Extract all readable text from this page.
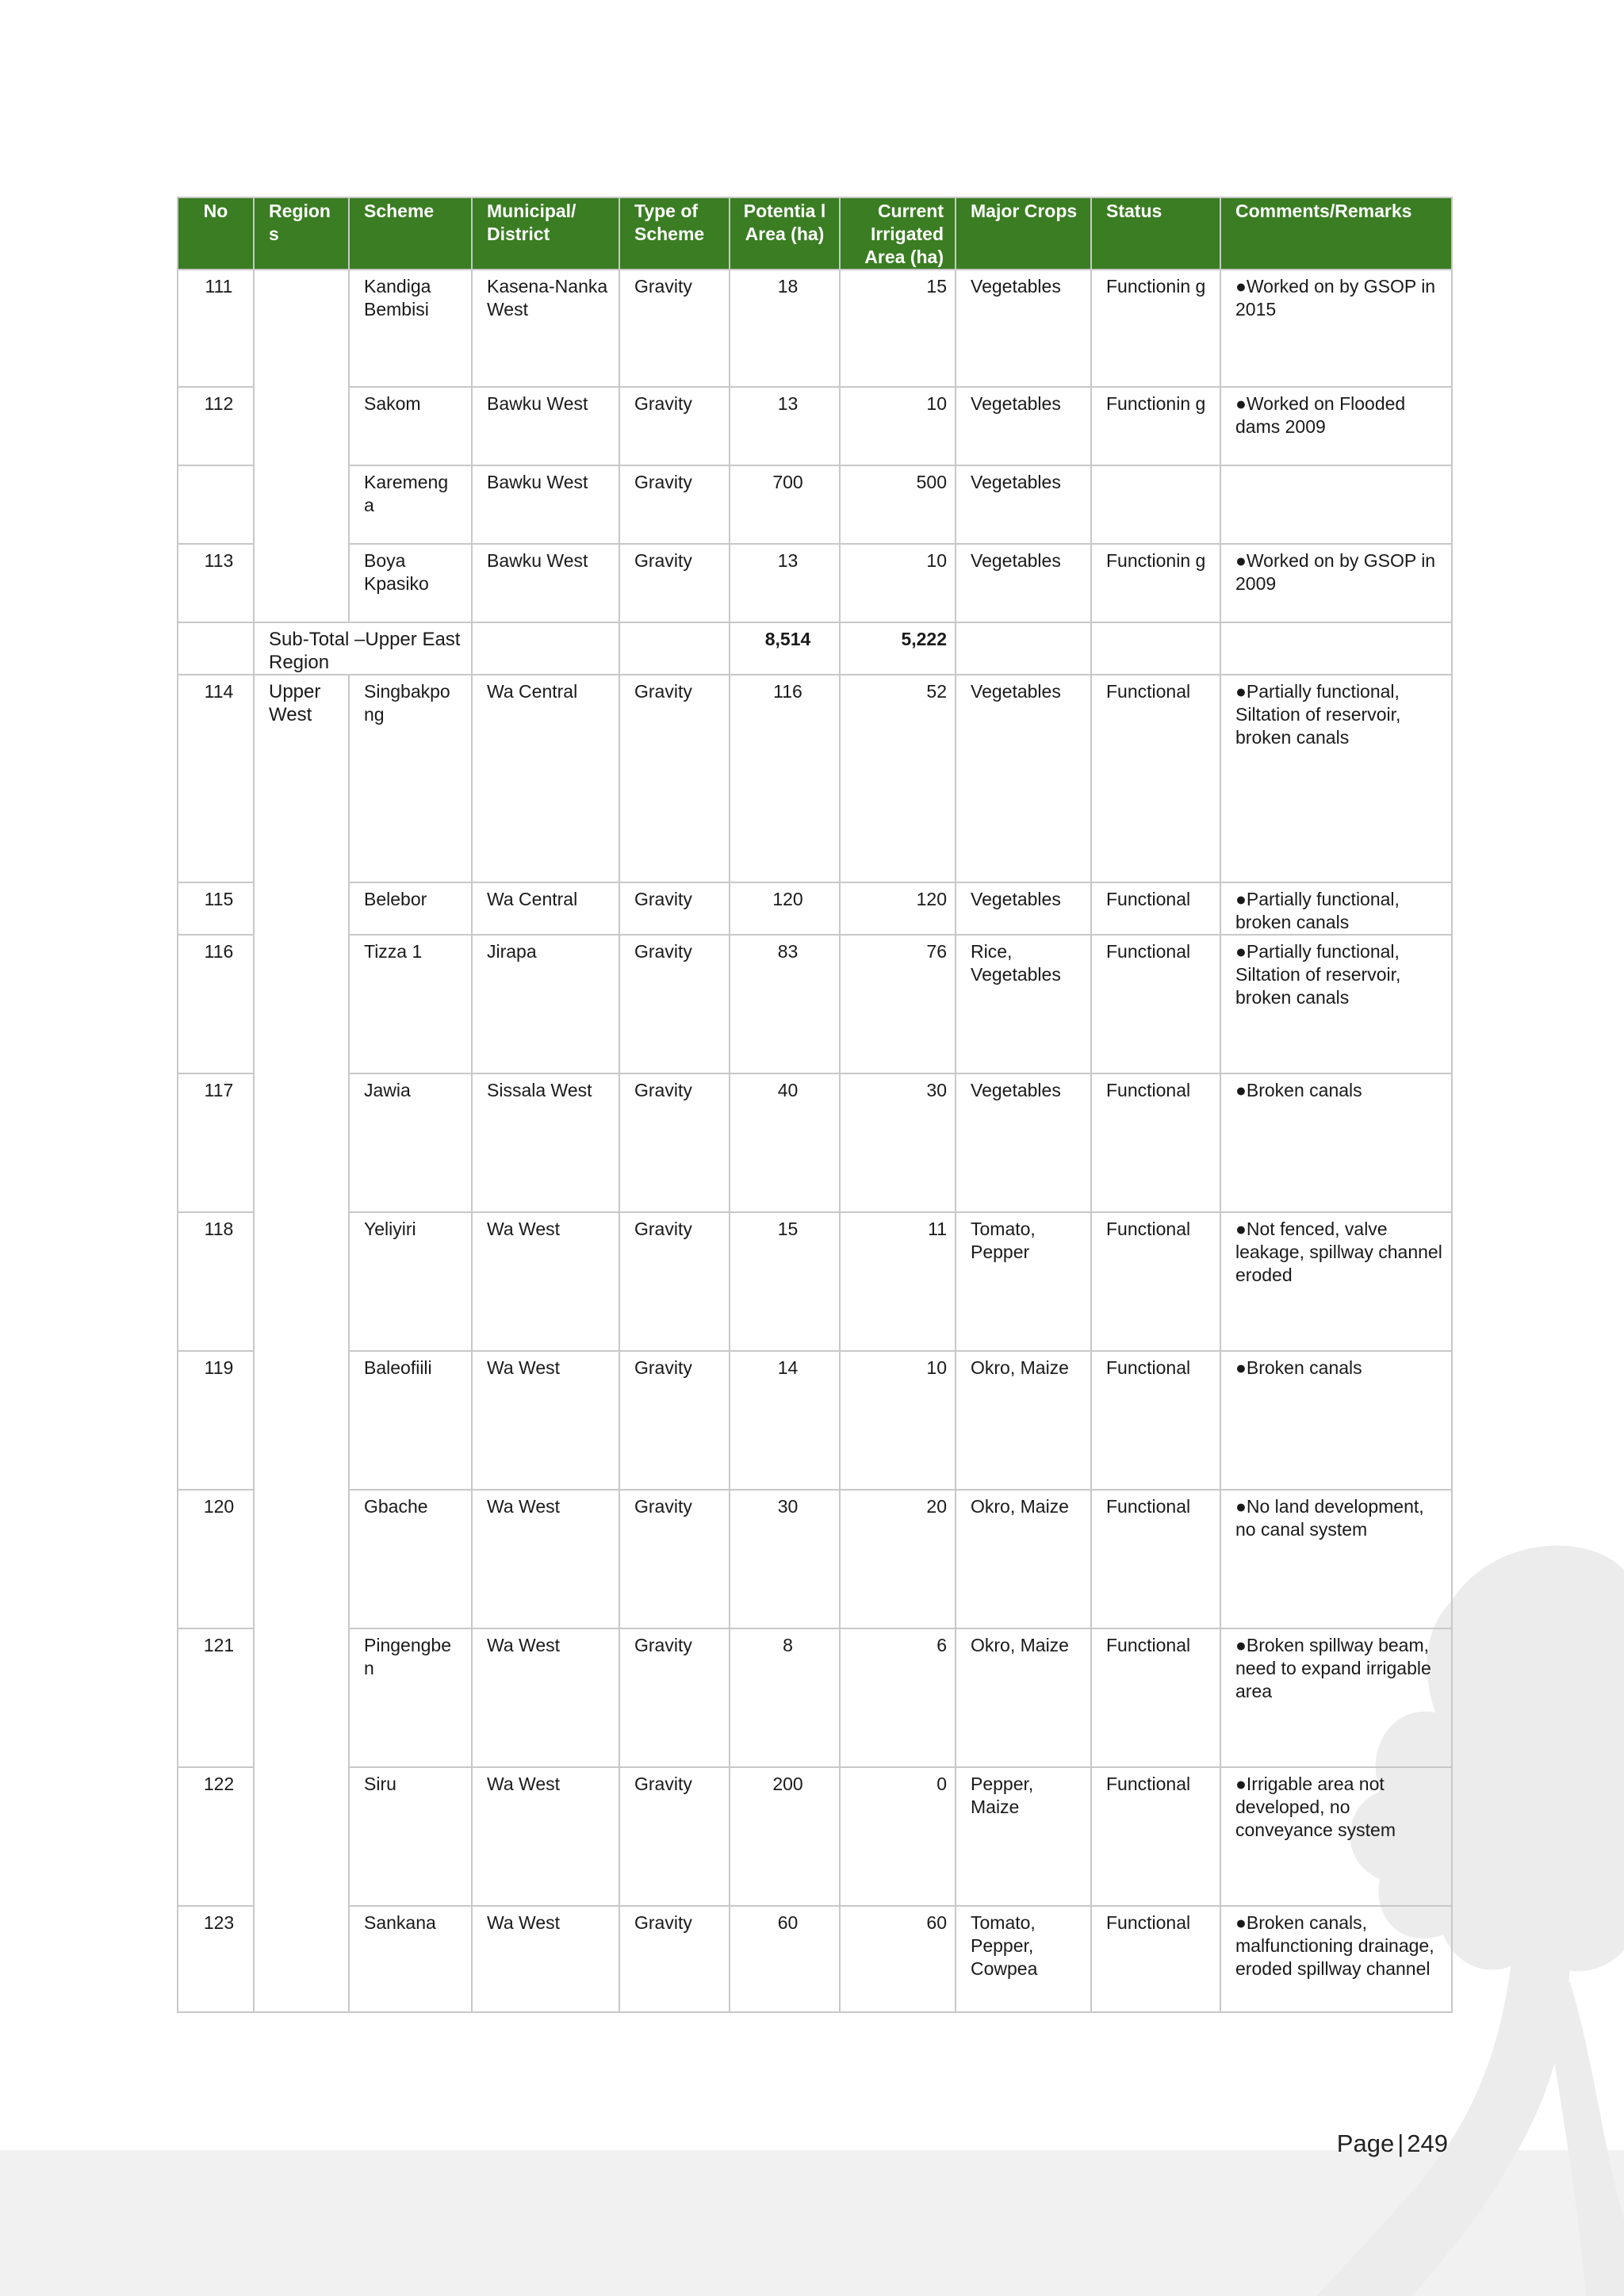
No	Region s	Scheme	Municipal/ District	Type of Scheme	Potentia l Area (ha)	Current Irrigated Area (ha)	Major Crops	Status	Comments/Remarks
111		Kandiga Bembisi	Kasena-Nanka West	Gravity	18	15	Vegetables	Functionin g	●Worked on by GSOP in 2015
112		Sakom	Bawku West	Gravity	13	10	Vegetables	Functionin g	●Worked on Flooded dams 2009
		Karemeng a	Bawku West	Gravity	700	500	Vegetables		
113		Boya Kpasiko	Bawku West	Gravity	13	10	Vegetables	Functionin g	●Worked on by GSOP in 2009
	Sub-Total –Upper East Region				8,514	5,222			
114	Upper West	Singbakpo ng	Wa Central	Gravity	116	52	Vegetables	Functional	●Partially functional, Siltation of reservoir, broken canals
115		Belebor	Wa Central	Gravity	120	120	Vegetables	Functional	●Partially functional, broken canals
116		Tizza 1	Jirapa	Gravity	83	76	Rice, Vegetables	Functional	●Partially functional, Siltation of reservoir, broken canals
117		Jawia	Sissala West	Gravity	40	30	Vegetables	Functional	●Broken canals
118		Yeliyiri	Wa West	Gravity	15	11	Tomato, Pepper	Functional	●Not fenced, valve leakage, spillway channel eroded
119		Baleofiili	Wa West	Gravity	14	10	Okro, Maize	Functional	●Broken canals
120		Gbache	Wa West	Gravity	30	20	Okro, Maize	Functional	●No land development, no canal system
121		Pingengbe n	Wa West	Gravity	8	6	Okro, Maize	Functional	●Broken spillway beam, need to expand irrigable area
122		Siru	Wa West	Gravity	200	0	Pepper, Maize	Functional	●Irrigable area not developed, no conveyance system
123		Sankana	Wa West	Gravity	60	60	Tomato, Pepper, Cowpea	Functional	●Broken canals, malfunctioning drainage, eroded spillway channel
Page | 249
